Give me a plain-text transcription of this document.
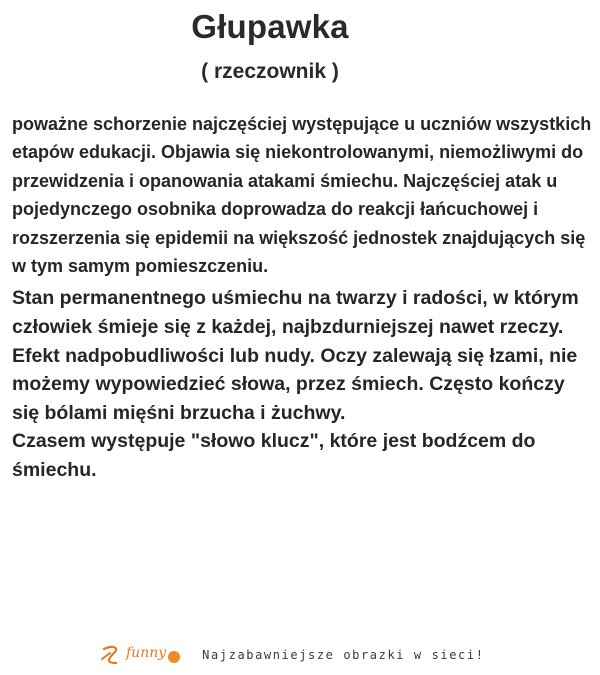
Głupawka
( rzeczownik )
poważne schorzenie najczęściej występujące u uczniów wszystkich etapów edukacji. Objawia się niekontrolowanymi, niemożliwymi do przewidzenia i opanowania atakami śmiechu. Najczęściej atak u pojedynczego osobnika doprowadza do reakcji łańcuchowej i rozszerzenia się epidemii na większość jednostek znajdujących się w tym samym pomieszczeniu.
Stan permanentnego uśmiechu na twarzy i radości, w którym człowiek śmieje się z każdej, najbzdurniejszej nawet rzeczy. Efekt nadpobudliwości lub nudy. Oczy zalewają się łzami, nie możemy wypowiedzieć słowa, przez śmiech. Często kończy się bólami mięśni brzucha i żuchwy.
Czasem występuje "słowo klucz", które jest bodźcem do śmiechu.
funny	Najzabawniejsze obrazki w sieci!
